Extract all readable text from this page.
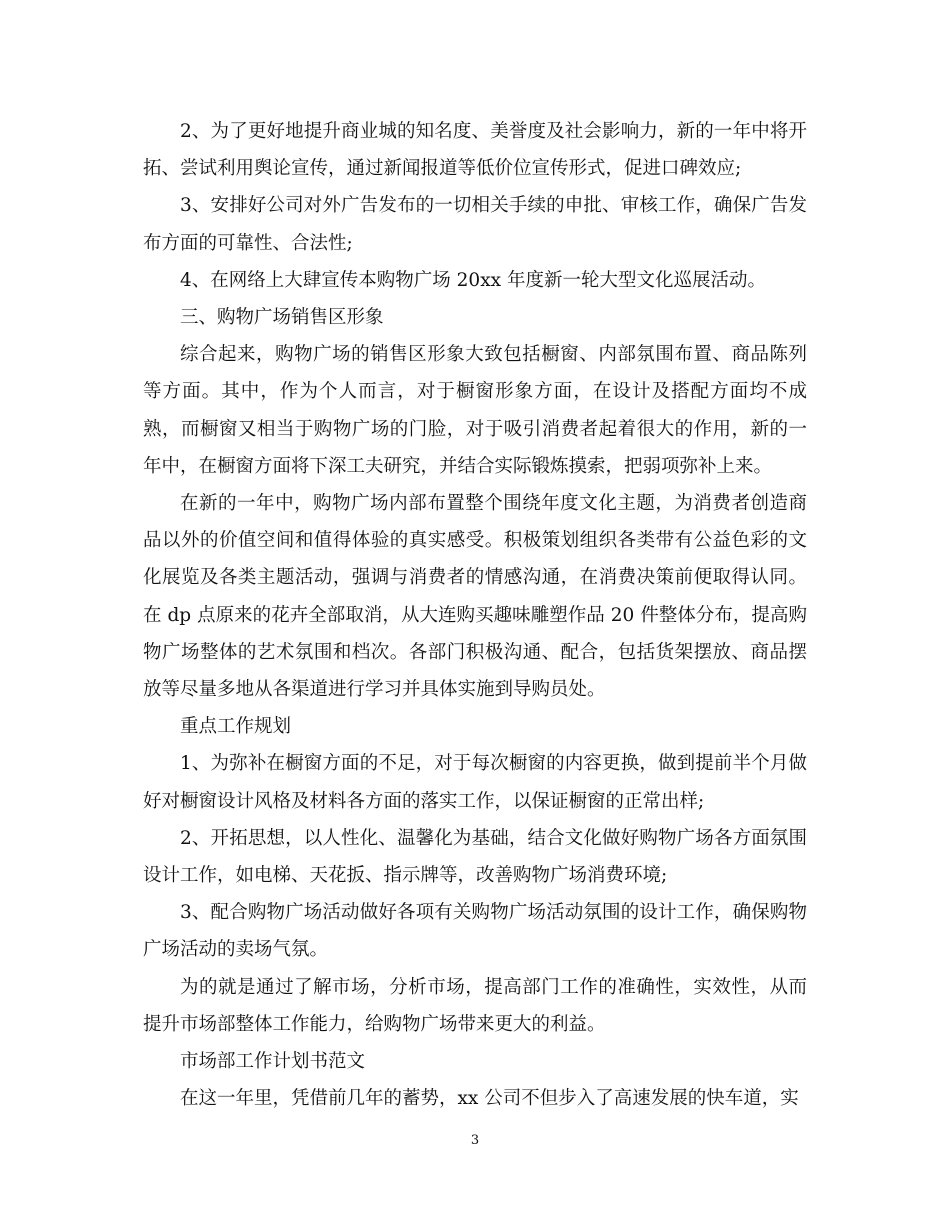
2、为了更好地提升商业城的知名度、美誉度及社会影响力，新的一年中将开拓、尝试利用舆论宣传，通过新闻报道等低价位宣传形式，促进口碑效应;

3、安排好公司对外广告发布的一切相关手续的申批、审核工作，确保广告发布方面的可靠性、合法性;

4、在网络上大肆宣传本购物广场 20xx 年度新一轮大型文化巡展活动。

三、购物广场销售区形象

综合起来，购物广场的销售区形象大致包括橱窗、内部氛围布置、商品陈列等方面。其中，作为个人而言，对于橱窗形象方面，在设计及搭配方面均不成熟，而橱窗又相当于购物广场的门脸，对于吸引消费者起着很大的作用，新的一年中，在橱窗方面将下深工夫研究，并结合实际锻炼摸索，把弱项弥补上来。

在新的一年中，购物广场内部布置整个围绕年度文化主题，为消费者创造商品以外的价值空间和值得体验的真实感受。积极策划组织各类带有公益色彩的文化展览及各类主题活动，强调与消费者的情感沟通，在消费决策前便取得认同。在 dp 点原来的花卉全部取消，从大连购买趣味雕塑作品 20 件整体分布，提高购物广场整体的艺术氛围和档次。各部门积极沟通、配合，包括货架摆放、商品摆放等尽量多地从各渠道进行学习并具体实施到导购员处。

重点工作规划

1、为弥补在橱窗方面的不足，对于每次橱窗的内容更换，做到提前半个月做好对橱窗设计风格及材料各方面的落实工作，以保证橱窗的正常出样;

2、开拓思想，以人性化、温馨化为基础，结合文化做好购物广场各方面氛围设计工作，如电梯、天花扳、指示牌等，改善购物广场消费环境;

3、配合购物广场活动做好各项有关购物广场活动氛围的设计工作，确保购物广场活动的卖场气氛。

为的就是通过了解市场，分析市场，提高部门工作的准确性，实效性，从而提升市场部整体工作能力，给购物广场带来更大的利益。

市场部工作计划书范文

在这一年里，凭借前几年的蓄势，xx 公司不但步入了高速发展的快车道，实

3
